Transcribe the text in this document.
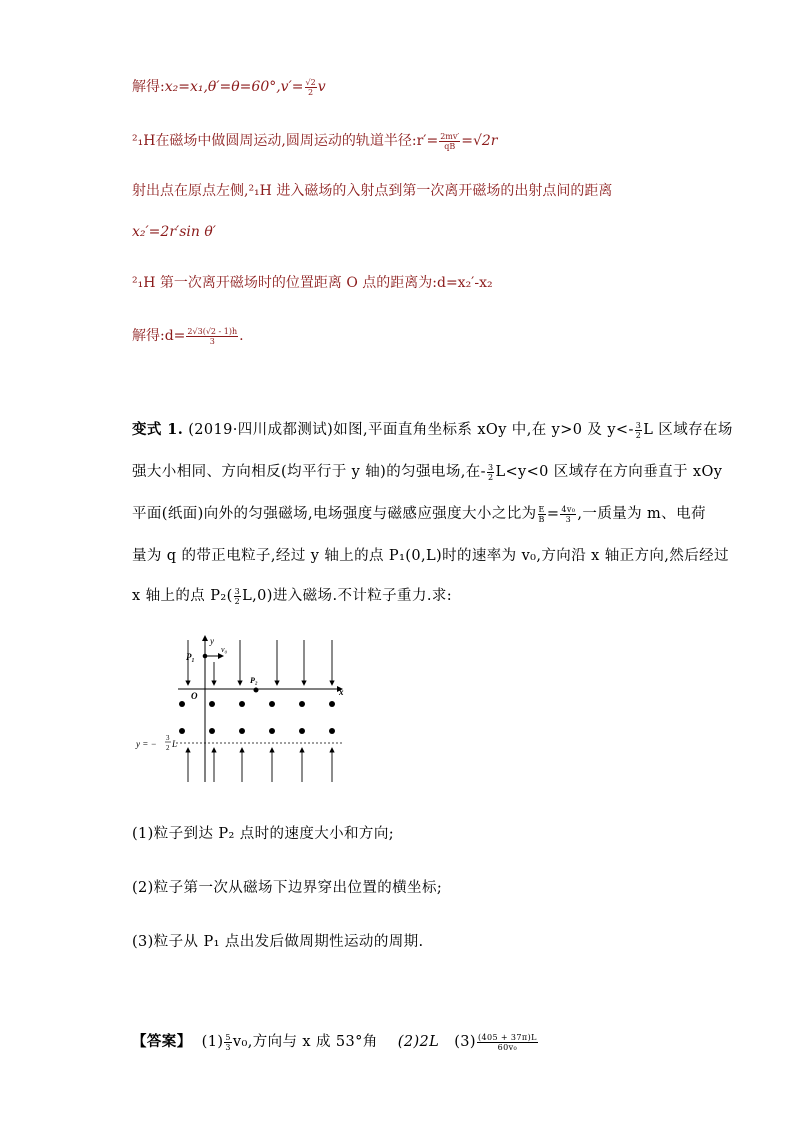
解得:x₂=x₁,θ′=θ=60°,v′= $\frac{√2}{2}$ v
²₁H在磁场中做圆周运动,圆周运动的轨道半径:r′= $\frac{2mv'}{qB} =√2r$
射出点在原点左侧,²₁H 进入磁场的入射点到第一次离开磁场的出射点间的距离
x₂′=2r′sin θ′
²₁H 第一次离开磁场时的位置距离 O 点的距离为:d=x₂′-x₂
解得:d= $\frac{2√3(√2 - 1)h}{3}$ .
变式 1. (2019·四川成都测试)如图,平面直角坐标系 xOy 中,在 y>0 及 $y<- \frac{3}{2}$ L 区域存在场
强大小相同、方向相反(均平行于 y 轴)的匀强电场,在- $\frac{3}{2} L<y<0$ 区域存在方向垂直于 xOy
平面(纸面)向外的匀强磁场,电场强度与磁感应强度大小之比为 $\frac{E}{B} = \frac{\text{4v₀}}{3}$ ,一质量为 m、电荷
量为 q 的带正电粒子,经过 y 轴上的点 P₁(0,L)时的速率为 v₀,方向沿 x 轴正方向,然后经过
x 轴上的点 $P_2( \frac{3}{2} L,0)$进入磁场.不计粒子重力.求:
y
x
O
P₁
v₀
P₂
y = −
3
2 L
(1)粒子到达 P₂ 点时的速度大小和方向;
(2)粒子第一次从磁场下边界穿出位置的横坐标;
(3)粒子从 P₁ 点出发后做周期性运动的周期.
【答案】 $(1) \frac{5}{3} v_0$,方向与 x 成 53°角 (2)2L $(3) \frac{(405 + 37\pi)L}{\text{60v₀}}$
